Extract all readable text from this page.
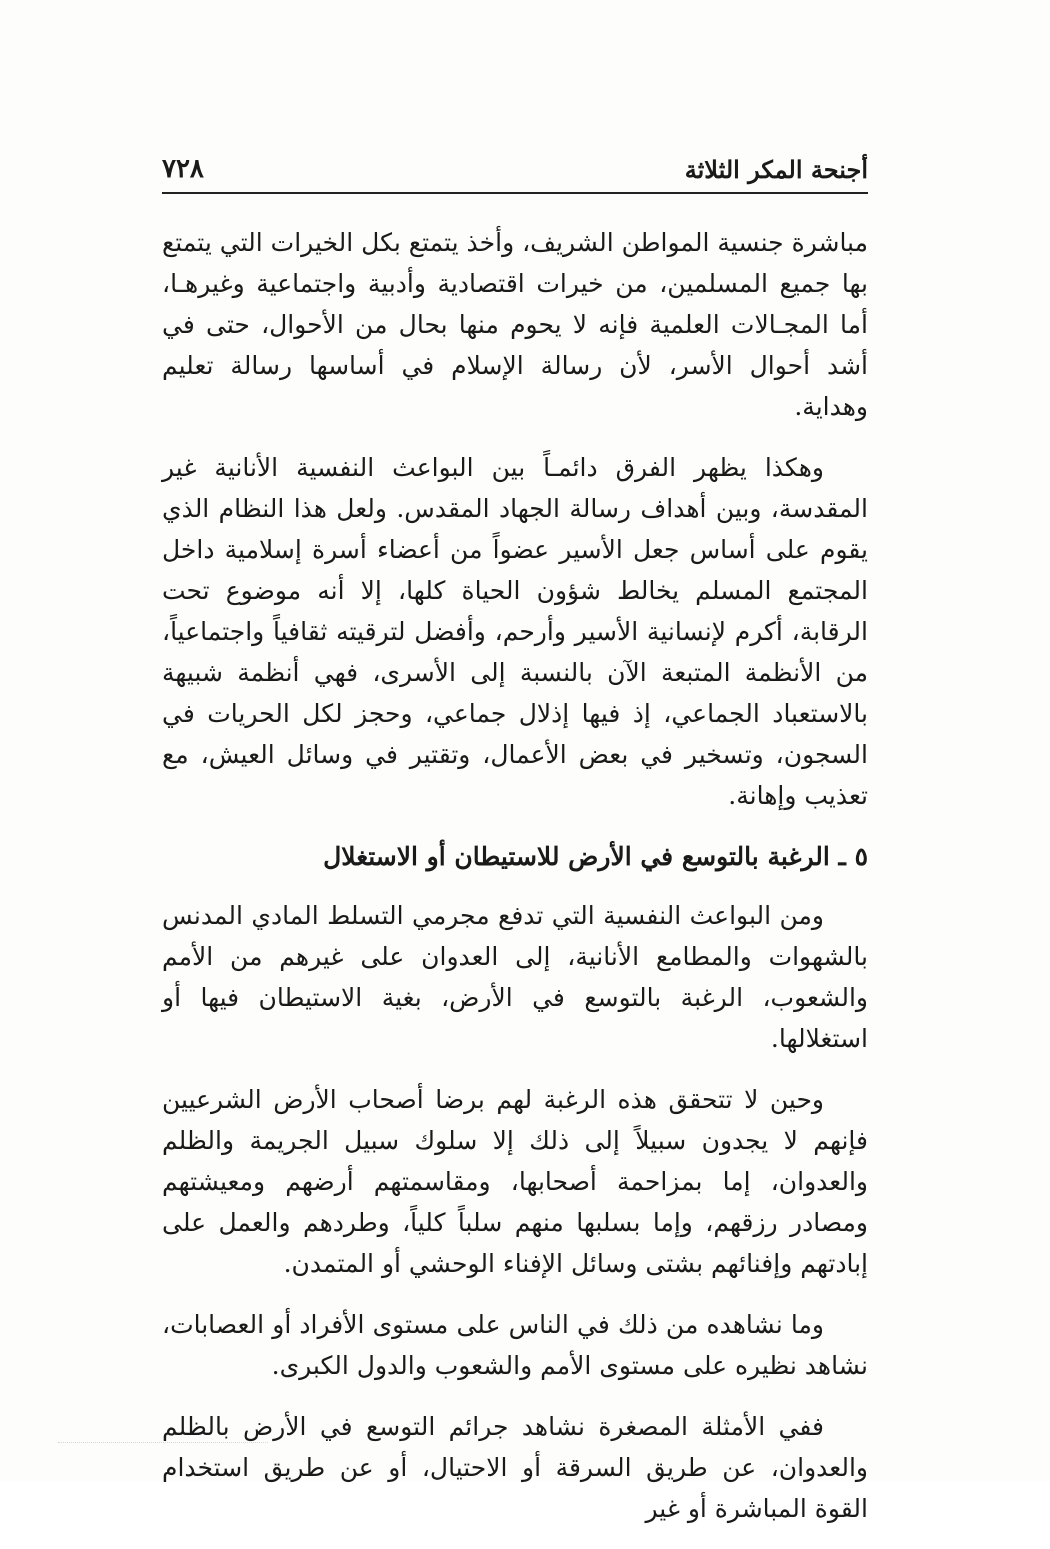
أجنحة المكر الثلاثة
٧٢٨

مباشرة جنسية المواطن الشريف، وأخذ يتمتع بكل الخيرات التي يتمتع بها جميع المسلمين، من خيرات اقتصادية وأدبية واجتماعية وغيرهـا، أما المجـالات العلمية فإنه لا يحوم منها بحال من الأحوال، حتى في أشد أحوال الأسر، لأن رسالة الإسلام في أساسها رسالة تعليم وهداية.

وهكذا يظهر الفرق دائمـاً بين البواعث النفسية الأنانية غير المقدسة، وبين أهداف رسالة الجهاد المقدس. ولعل هذا النظام الذي يقوم على أساس جعل الأسير عضواً من أعضاء أسرة إسلامية داخل المجتمع المسلم يخالط شؤون الحياة كلها، إلا أنه موضوع تحت الرقابة، أكرم لإنسانية الأسير وأرحم، وأفضل لترقيته ثقافياً واجتماعياً، من الأنظمة المتبعة الآن بالنسبة إلى الأسرى، فهي أنظمة شبيهة بالاستعباد الجماعي، إذ فيها إذلال جماعي، وحجز لكل الحريات في السجون، وتسخير في بعض الأعمال، وتقتير في وسائل العيش، مع تعذيب وإهانة.

٥ ـ الرغبة بالتوسع في الأرض للاستيطان أو الاستغلال

ومن البواعث النفسية التي تدفع مجرمي التسلط المادي المدنس بالشهوات والمطامع الأنانية، إلى العدوان على غيرهم من الأمم والشعوب، الرغبة بالتوسع في الأرض، بغية الاستيطان فيها أو استغلالها.

وحين لا تتحقق هذه الرغبة لهم برضا أصحاب الأرض الشرعيين فإنهم لا يجدون سبيلاً إلى ذلك إلا سلوك سبيل الجريمة والظلم والعدوان، إما بمزاحمة أصحابها، ومقاسمتهم أرضهم ومعيشتهم ومصادر رزقهم، وإما بسلبها منهم سلباً كلياً، وطردهم والعمل على إبادتهم وإفنائهم بشتى وسائل الإفناء الوحشي أو المتمدن.

وما نشاهده من ذلك في الناس على مستوى الأفراد أو العصابات، نشاهد نظيره على مستوى الأمم والشعوب والدول الكبرى.

ففي الأمثلة المصغرة نشاهد جرائم التوسع في الأرض بالظلم والعدوان، عن طريق السرقة أو الاحتيال، أو عن طريق استخدام القوة المباشرة أو غير
